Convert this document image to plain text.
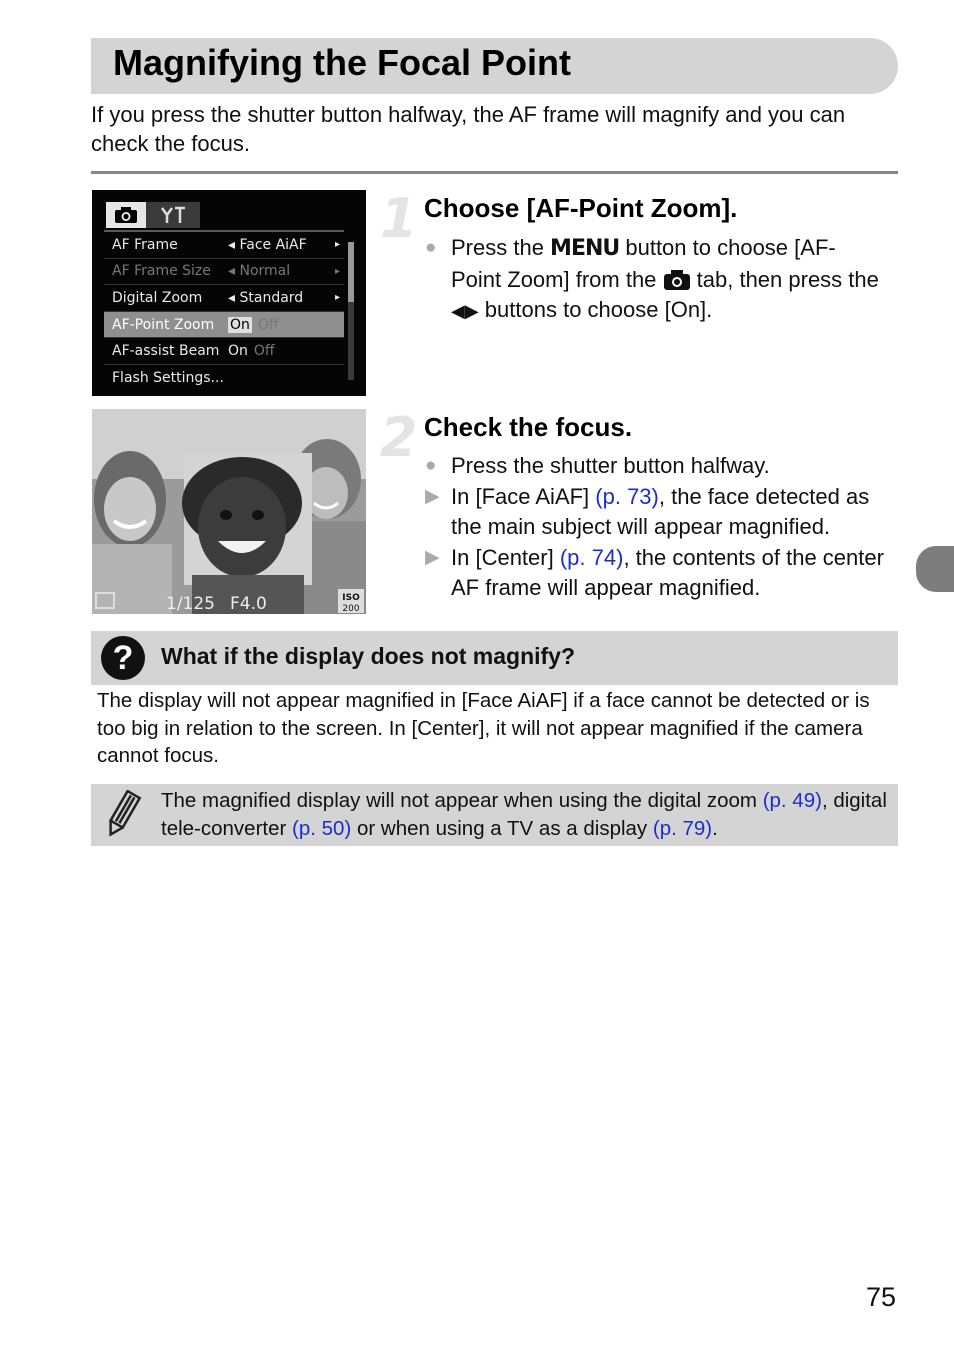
Magnifying the Focal Point
If you press the shutter button halfway, the AF frame will magnify and you can check the focus.
AF Frame	◂ Face AiAF	▸
AF Frame Size ◂ Normal	▸
Digital Zoom ◂ Standard	▸
AF-Point Zoom On Off
AF-assist Beam On Off
Flash Settings...
1/125 F4.0	ISO
200
1 Choose [AF-Point Zoom].
● Press the MENU button to choose [AF-Point Zoom] from the  tab, then press the ◀▶ buttons to choose [On].
2 Check the focus.
● Press the shutter button halfway.
▶ In [Face AiAF] (p. 73), the face detected as the main subject will appear magnified.
▶ In [Center] (p. 74), the contents of the center AF frame will appear magnified.
?	What if the display does not magnify?
The display will not appear magnified in [Face AiAF] if a face cannot be detected or is too big in relation to the screen. In [Center], it will not appear magnified if the camera cannot focus.
The magnified display will not appear when using the digital zoom (p. 49), digital tele-converter (p. 50) or when using a TV as a display (p. 79).
75
